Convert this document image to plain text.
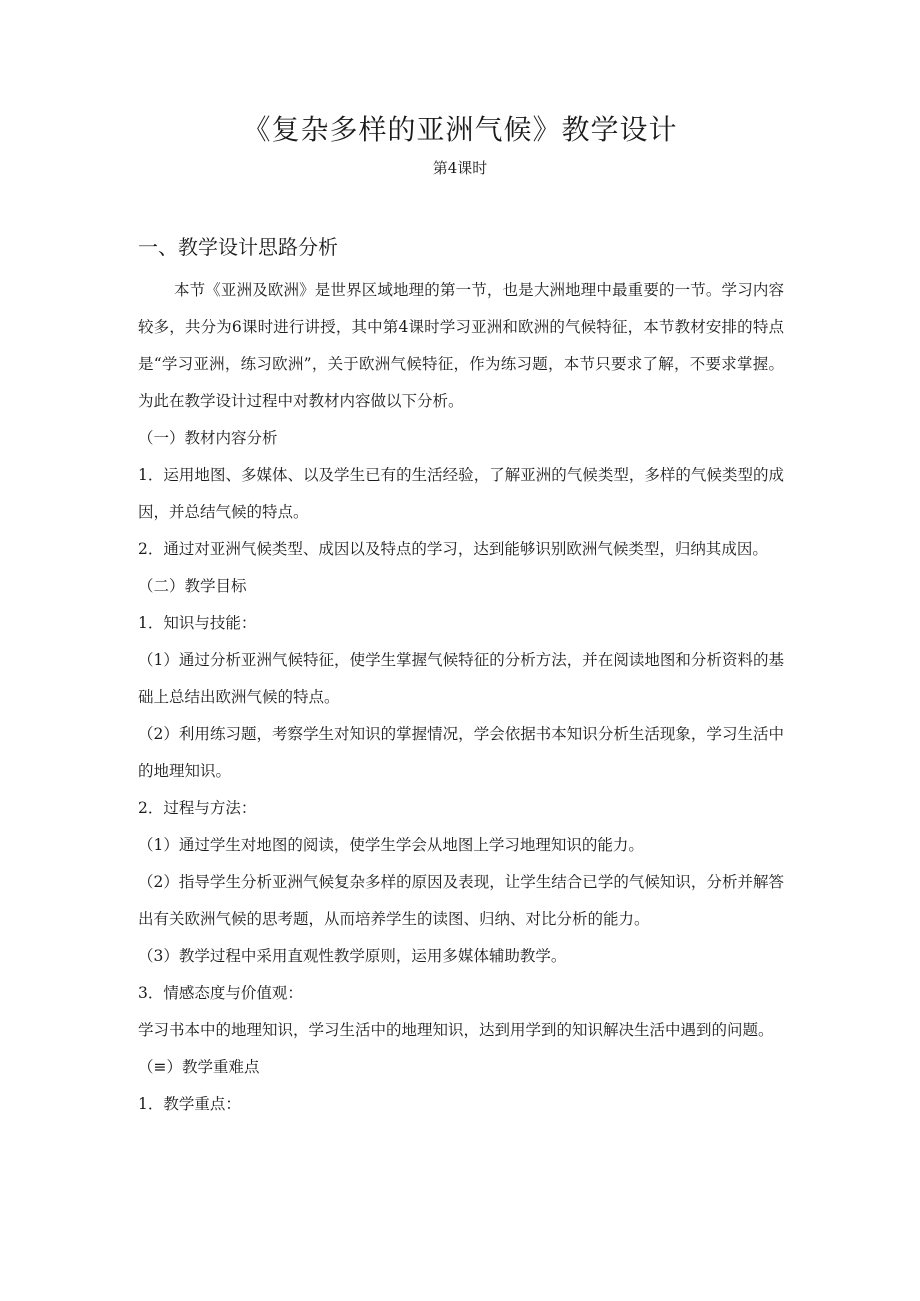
《复杂多样的亚洲气候》教学设计
第4课时
一、教学设计思路分析

本节《亚洲及欧洲》是世界区域地理的第一节，也是大洲地理中最重要的一节。学习内容较多，共分为6课时进行讲授，其中第4课时学习亚洲和欧洲的气候特征，本节教材安排的特点是“学习亚洲，练习欧洲”，关于欧洲气候特征，作为练习题，本节只要求了解，不要求掌握。为此在教学设计过程中对教材内容做以下分析。

（一）教材内容分析

1．运用地图、多媒体、以及学生已有的生活经验，了解亚洲的气候类型，多样的气候类型的成因，并总结气候的特点。

2．通过对亚洲气候类型、成因以及特点的学习，达到能够识别欧洲气候类型，归纳其成因。

（二）教学目标

1．知识与技能：

（1）通过分析亚洲气候特征，使学生掌握气候特征的分析方法，并在阅读地图和分析资料的基础上总结出欧洲气候的特点。

（2）利用练习题，考察学生对知识的掌握情况，学会依据书本知识分析生活现象，学习生活中的地理知识。

2．过程与方法：

（1）通过学生对地图的阅读，使学生学会从地图上学习地理知识的能力。

（2）指导学生分析亚洲气候复杂多样的原因及表现，让学生结合已学的气候知识，分析并解答出有关欧洲气候的思考题，从而培养学生的读图、归纳、对比分析的能力。

（3）教学过程中采用直观性教学原则，运用多媒体辅助教学。

3．情感态度与价值观：

学习书本中的地理知识，学习生活中的地理知识，达到用学到的知识解决生活中遇到的问题。

（≡）教学重难点

1．教学重点：
